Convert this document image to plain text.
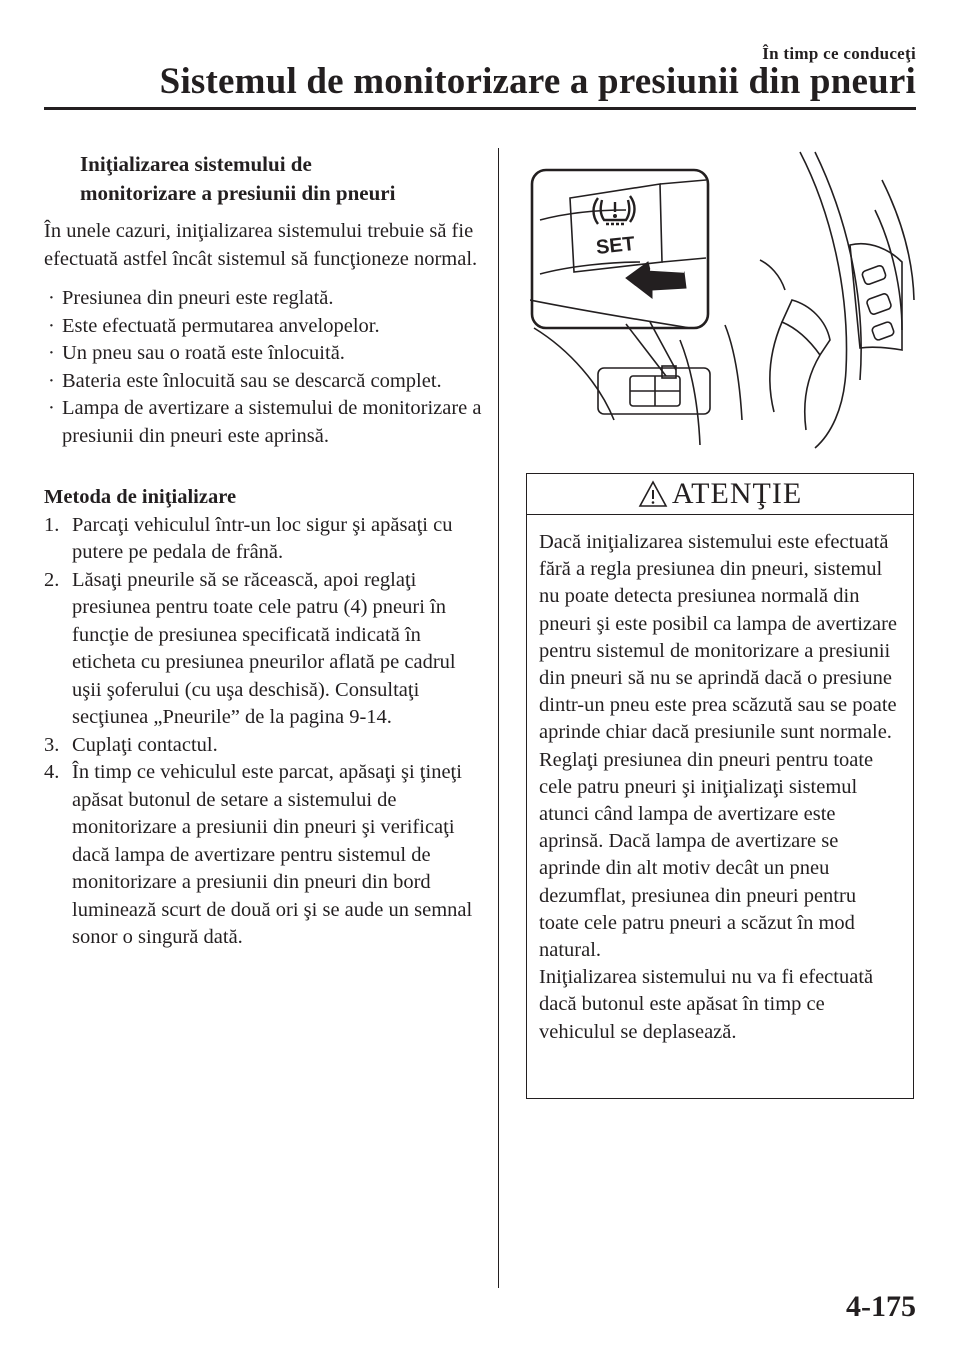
În timp ce conduceţi
Sistemul de monitorizare a presiunii din pneuri
Iniţializarea sistemului de
monitorizare a presiunii din pneuri
În unele cazuri, iniţializarea sistemului trebuie să fie efectuată astfel încât sistemul să funcţioneze normal.
· Presiunea din pneuri este reglată.
· Este efectuată permutarea anvelopelor.
· Un pneu sau o roată este înlocuită.
· Bateria este înlocuită sau se descarcă complet.
· Lampa de avertizare a sistemului de monitorizare a presiunii din pneuri este aprinsă.
Metoda de iniţializare
1. Parcaţi vehiculul într-un loc sigur şi apăsaţi cu putere pe pedala de frână.
2. Lăsaţi pneurile să se răcească, apoi reglaţi presiunea pentru toate cele patru (4) pneuri în funcţie de presiunea specificată indicată în eticheta cu presiunea pneurilor aflată pe cadrul uşii şoferului (cu uşa deschisă). Consultaţi secţiunea „Pneurile” de la pagina 9-14.
3. Cuplaţi contactul.
4. În timp ce vehiculul este parcat, apăsaţi şi ţineţi apăsat butonul de setare a sistemului de monitorizare a presiunii din pneuri şi verificaţi dacă lampa de avertizare pentru sistemul de monitorizare a presiunii din pneuri din bord luminează scurt de două ori şi se aude un semnal sonor o singură dată.
SET
ATENŢIE
Dacă iniţializarea sistemului este efectuată fără a regla presiunea din pneuri, sistemul nu poate detecta presiunea normală din pneuri şi este posibil ca lampa de avertizare pentru sistemul de monitorizare a presiunii din pneuri să nu se aprindă dacă o presiune dintr-un pneu este prea scăzută sau se poate aprinde chiar dacă presiunile sunt normale.
Reglaţi presiunea din pneuri pentru toate cele patru pneuri şi iniţializaţi sistemul atunci când lampa de avertizare este aprinsă. Dacă lampa de avertizare se aprinde din alt motiv decât un pneu dezumflat, presiunea din pneuri pentru toate cele patru pneuri a scăzut în mod natural.
Iniţializarea sistemului nu va fi efectuată dacă butonul este apăsat în timp ce vehiculul se deplasează.
4-175
